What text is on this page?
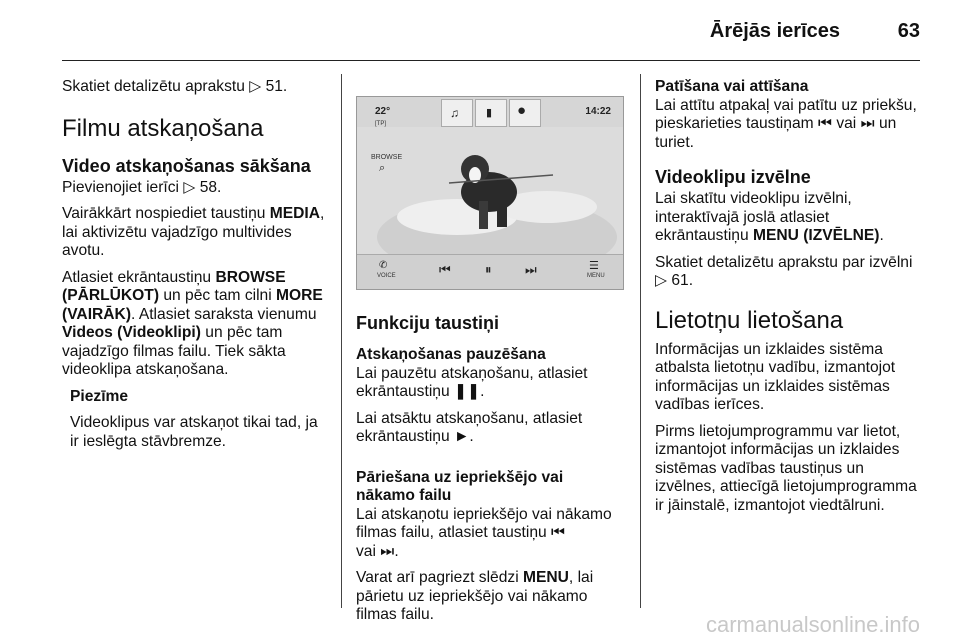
Ārējās ierīces	63

Skatiet detalizētu aprakstu ▷ 51.

Filmu atskaņošana
Video atskaņošanas sākšana

Pievienojiet ierīci ▷ 58.

Vairākkārt nospiediet taustiņu MEDIA, lai aktivizētu vajadzīgo multivides avotu.

Atlasiet ekrāntaustiņu BROWSE (PĀRLŪKOT) un pēc tam cilni MORE (VAIRĀK). Atlasiet saraksta vienumu Videos (Videoklipi) un pēc tam vajadzīgo filmas failu. Tiek sākta videoklipa atskaņošana.

Piezīme

Videoklipus var atskaņot tikai tad, ja ir ieslēgta stāvbremze.

22°
[TP]
♫ ▮ ●	14:22
BROWSE
⌕
✆
VOICE	⏮	⏸	⏭	☰
MENU
Funkciju taustiņi
Atskaņošanas pauzēšana

Lai pauzētu atskaņošanu, atlasiet ekrāntaustiņu ❚❚.

Lai atsāktu atskaņošanu, atlasiet ekrāntaustiņu ►.

Pāriešana uz iepriekšējo vai nākamo failu

Lai atskaņotu iepriekšējo vai nākamo filmas failu, atlasiet taustiņu ⏮
vai ⏭.

Varat arī pagriezt slēdzi MENU, lai pārietu uz iepriekšējo vai nākamo filmas failu.

Patīšana vai attīšana

Lai attītu atpakaļ vai patītu uz priekšu, pieskarieties taustiņam ⏮ vai ⏭ un turiet.

Videoklipu izvēlne

Lai skatītu videoklipu izvēlni, interaktīvajā joslā atlasiet ekrāntaustiņu MENU (IZVĒLNE).

Skatiet detalizētu aprakstu par izvēlni
▷ 61.

Lietotņu lietošana

Informācijas un izklaides sistēma atbalsta lietotņu vadību, izmantojot informācijas un izklaides sistēmas vadības ierīces.

Pirms lietojumprogrammu var lietot, izmantojot informācijas un izklaides sistēmas vadības taustiņus un izvēlnes, attiecīgā lietojumprogramma ir jāinstalē, izmantojot viedtālruni.

carmanualsonline.info
